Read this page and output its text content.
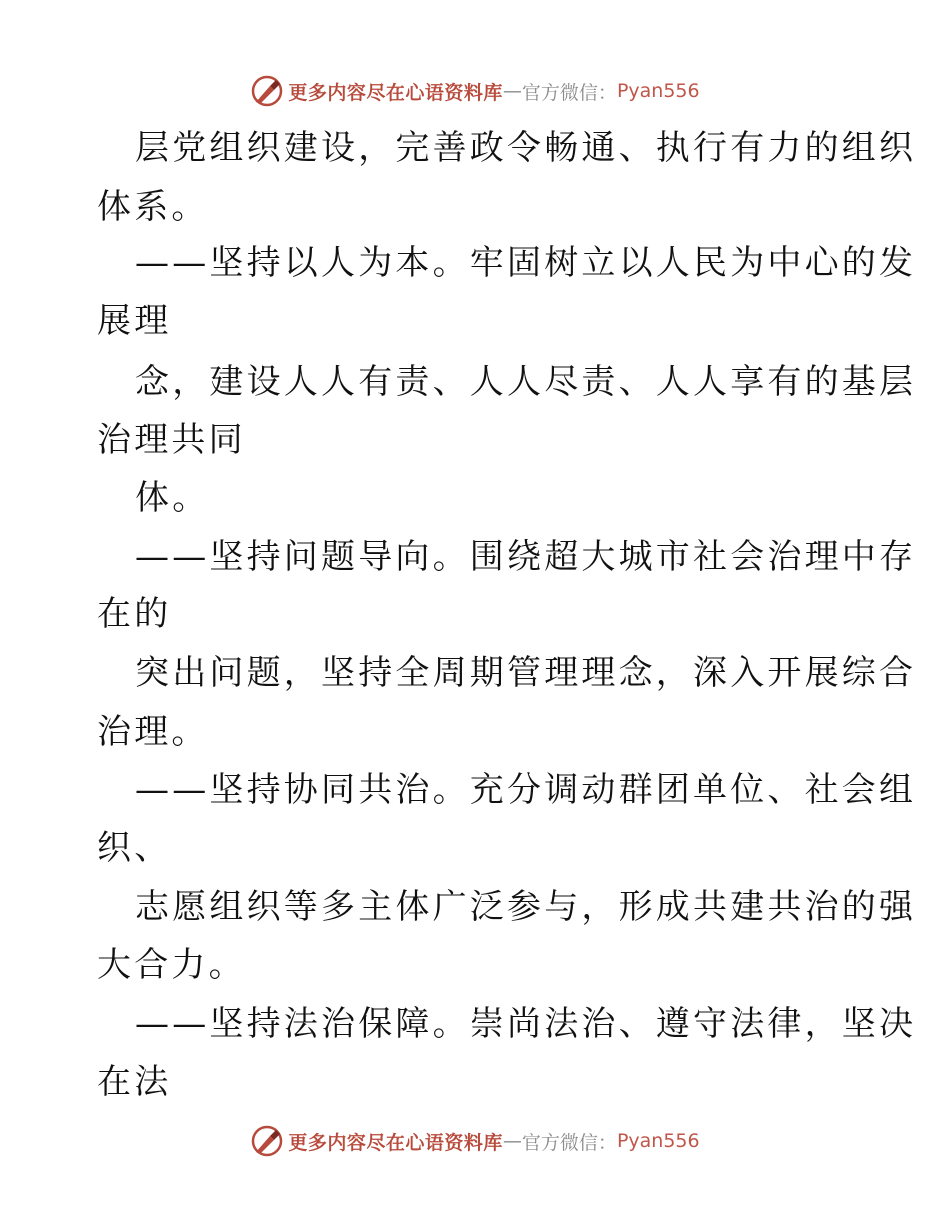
更多内容尽在心语资料库 — 官方微信： Pyan556
层党组织建设，完善政令畅通、执行有力的组织
体系。
——坚持以人为本。牢固树立以人民为中心的发
展理
念，建设人人有责、人人尽责、人人享有的基层
治理共同
体。
——坚持问题导向。围绕超大城市社会治理中存
在的
突出问题，坚持全周期管理理念，深入开展综合
治理。
——坚持协同共治。充分调动群团单位、社会组
织、
志愿组织等多主体广泛参与，形成共建共治的强
大合力。
——坚持法治保障。崇尚法治、遵守法律，坚决
在法
更多内容尽在心语资料库 — 官方微信： Pyan556
